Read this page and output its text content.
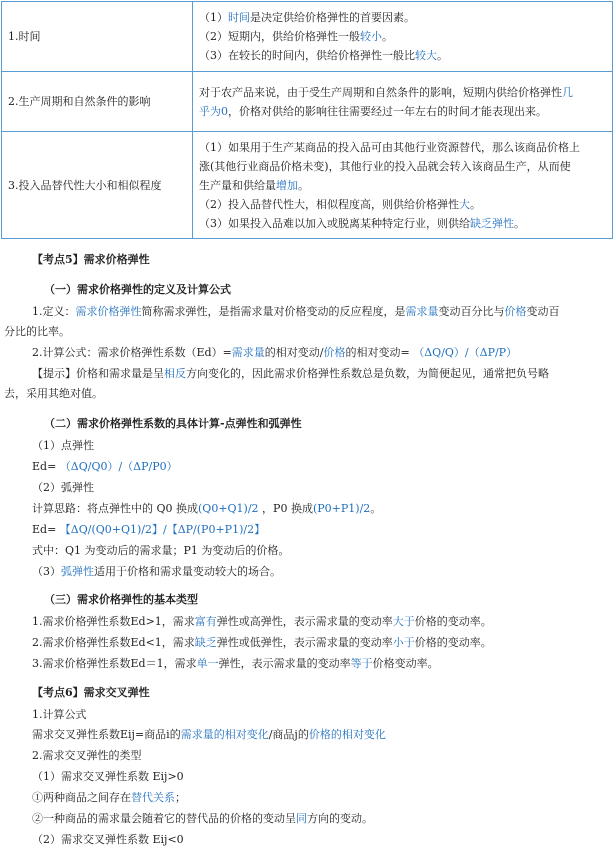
1.时间	（1）时间是决定供给价格弹性的首要因素。
（2）短期内，供给价格弹性一般较小。
（3）在较长的时间内，供给价格弹性一般比较大。

2.生产周期和自然条件的影响	对于农产品来说，由于受生产周期和自然条件的影响，短期内供给价格弹性几
乎为0，价格对供给的影响往往需要经过一年左右的时间才能表现出来。

3.投入品替代性大小和相似程度	（1）如果用于生产某商品的投入品可由其他行业资源替代，那么该商品价格上
涨(其他行业商品价格未变)，其他行业的投入品就会转入该商品生产，从而使
生产量和供给量增加。
（2）投入品替代性大，相似程度高，则供给价格弹性大。
（3）如果投入品难以加入或脱离某种特定行业，则供给缺乏弹性。
【考点5】需求价格弹性
（一）需求价格弹性的定义及计算公式
1.定义：需求价格弹性简称需求弹性，是指需求量对价格变动的反应程度，是需求量变动百分比与价格变动百
分比的比率。
2.计算公式：需求价格弹性系数（Ed）=需求量的相对变动/价格的相对变动= （ΔQ/Q）/（ΔP/P）
【提示】价格和需求量是呈相反方向变化的，因此需求价格弹性系数总是负数，为简便起见，通常把负号略
去，采用其绝对值。
（二）需求价格弹性系数的具体计算-点弹性和弧弹性
（1）点弹性
Ed= （ΔQ/Q0）/（ΔP/P0）
（2）弧弹性
计算思路：将点弹性中的 Q0 换成(Q0+Q1)/2 ，P0 换成(P0+P1)/2。
Ed= 【ΔQ/(Q0+Q1)/2】/【ΔP/(P0+P1)/2】
式中：Q1 为变动后的需求量；P1 为变动后的价格。
（3）弧弹性适用于价格和需求量变动较大的场合。
（三）需求价格弹性的基本类型
1.需求价格弹性系数Ed>1，需求富有弹性或高弹性，表示需求量的变动率大于价格的变动率。
2.需求价格弹性系数Ed<1，需求缺乏弹性或低弹性，表示需求量的变动率小于价格的变动率。
3.需求价格弹性系数Ed＝1，需求单一弹性，表示需求量的变动率等于价格变动率。
【考点6】需求交叉弹性
1.计算公式
需求交叉弹性系数Eij=商品i的需求量的相对变化/商品j的价格的相对变化
2.需求交叉弹性的类型
（1）需求交叉弹性系数 Eij>0
①两种商品之间存在替代关系；
②一种商品的需求量会随着它的替代品的价格的变动呈同方向的变动。
（2）需求交叉弹性系数 Eij<0
